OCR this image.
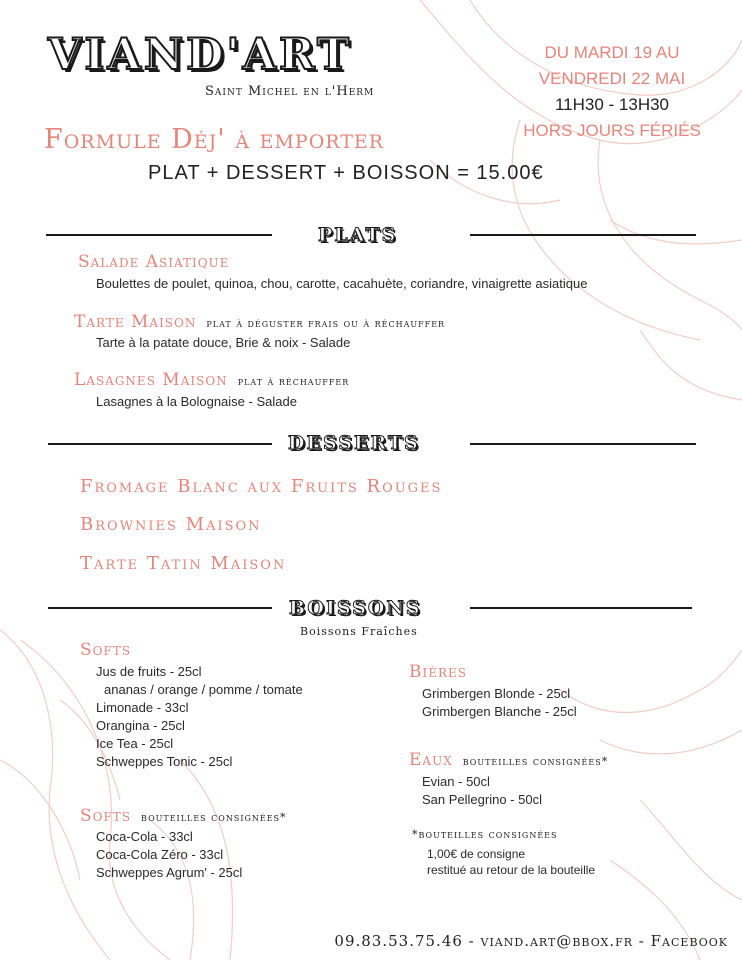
VIAND'ART
Saint Michel en l'Herm
DU MARDI 19 AU
VENDREDI 22 MAI
11H30 - 13H30
HORS JOURS FÉRIÉS
Formule Déj' à emporter
PLAT + DESSERT + BOISSON = 15.00€
PLATS
Salade Asiatique
Boulettes de poulet, quinoa, chou, carotte, cacahuète, coriandre, vinaigrette asiatique
Tarte Maison plat à déguster frais ou à réchauffer
Tarte à la patate douce, Brie & noix - Salade
Lasagnes Maison plat à réchauffer
Lasagnes à la Bolognaise - Salade
DESSERTS
Fromage Blanc aux Fruits Rouges
Brownies Maison
Tarte Tatin Maison
BOISSONS
Boissons Fraîches
Softs
Jus de fruits - 25cl
ananas / orange / pomme / tomate
Limonade - 33cl
Orangina - 25cl
Ice Tea - 25cl
Schweppes Tonic - 25cl
Softs bouteilles consignées*
Coca-Cola - 33cl
Coca-Cola Zéro - 33cl
Schweppes Agrum' - 25cl
Bières
Grimbergen Blonde - 25cl
Grimbergen Blanche - 25cl
Eaux bouteilles consignées*
Evian - 50cl
San Pellegrino - 50cl
*bouteilles consignées
1,00€ de consigne
restitué au retour de la bouteille
09.83.53.75.46 - viand.art@bbox.fr - Facebook
